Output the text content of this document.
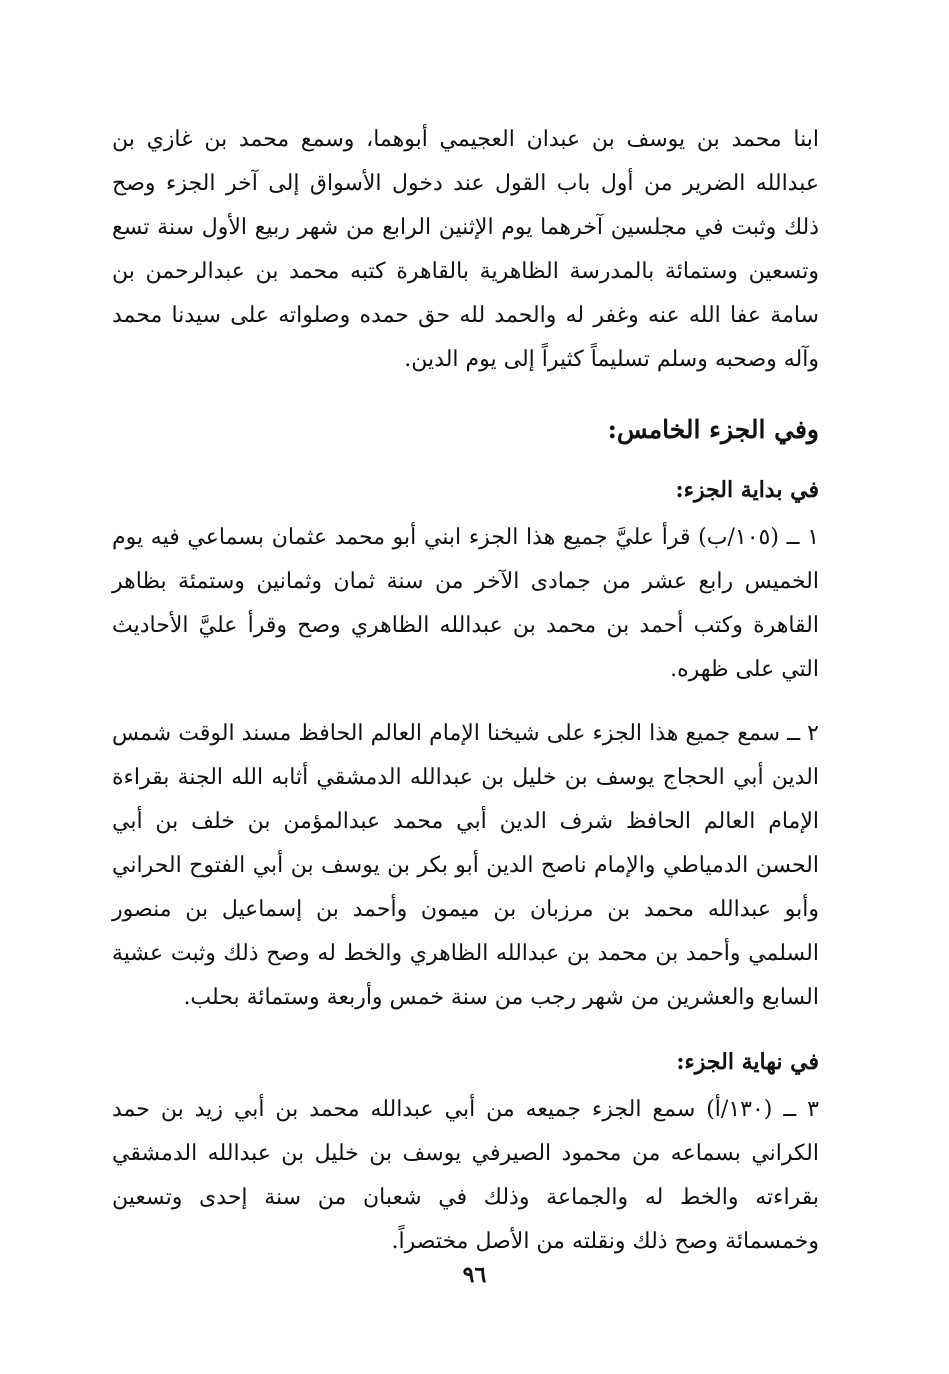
ابنا محمد بن يوسف بن عبدان العجيمي أبوهما، وسمع محمد بن غازي بن عبدالله الضرير من أول باب القول عند دخول الأسواق إلى آخر الجزء وصح ذلك وثبت في مجلسين آخرهما يوم الإثنين الرابع من شهر ربيع الأول سنة تسع وتسعين وستمائة بالمدرسة الظاهرية بالقاهرة كتبه محمد بن عبدالرحمن بن سامة عفا الله عنه وغفر له والحمد لله حق حمده وصلواته على سيدنا محمد وآله وصحبه وسلم تسليماً كثيراً إلى يوم الدين.

وفي الجزء الخامس:

في بداية الجزء:

١ ــ (١٠٥/ب) قرأ عليَّ جميع هذا الجزء ابني أبو محمد عثمان بسماعي فيه يوم الخميس رابع عشر من جمادى الآخر من سنة ثمان وثمانين وستمئة بظاهر القاهرة وكتب أحمد بن محمد بن عبدالله الظاهري وصح وقرأ عليَّ الأحاديث التي على ظهره.

٢ ــ سمع جميع هذا الجزء على شيخنا الإمام العالم الحافظ مسند الوقت شمس الدين أبي الحجاج يوسف بن خليل بن عبدالله الدمشقي أثابه الله الجنة بقراءة الإمام العالم الحافظ شرف الدين أبي محمد عبدالمؤمن بن خلف بن أبي الحسن الدمياطي والإمام ناصح الدين أبو بكر بن يوسف بن أبي الفتوح الحراني وأبو عبدالله محمد بن مرزبان بن ميمون وأحمد بن إسماعيل بن منصور السلمي وأحمد بن محمد بن عبدالله الظاهري والخط له وصح ذلك وثبت عشية السابع والعشرين من شهر رجب من سنة خمس وأربعة وستمائة بحلب.

في نهاية الجزء:

٣ ــ (١٣٠/أ) سمع الجزء جميعه من أبي عبدالله محمد بن أبي زيد بن حمد الكراني بسماعه من محمود الصيرفي يوسف بن خليل بن عبدالله الدمشقي بقراءته والخط له والجماعة وذلك في شعبان من سنة إحدى وتسعين وخمسمائة وصح ذلك ونقلته من الأصل مختصراً.

٩٦
